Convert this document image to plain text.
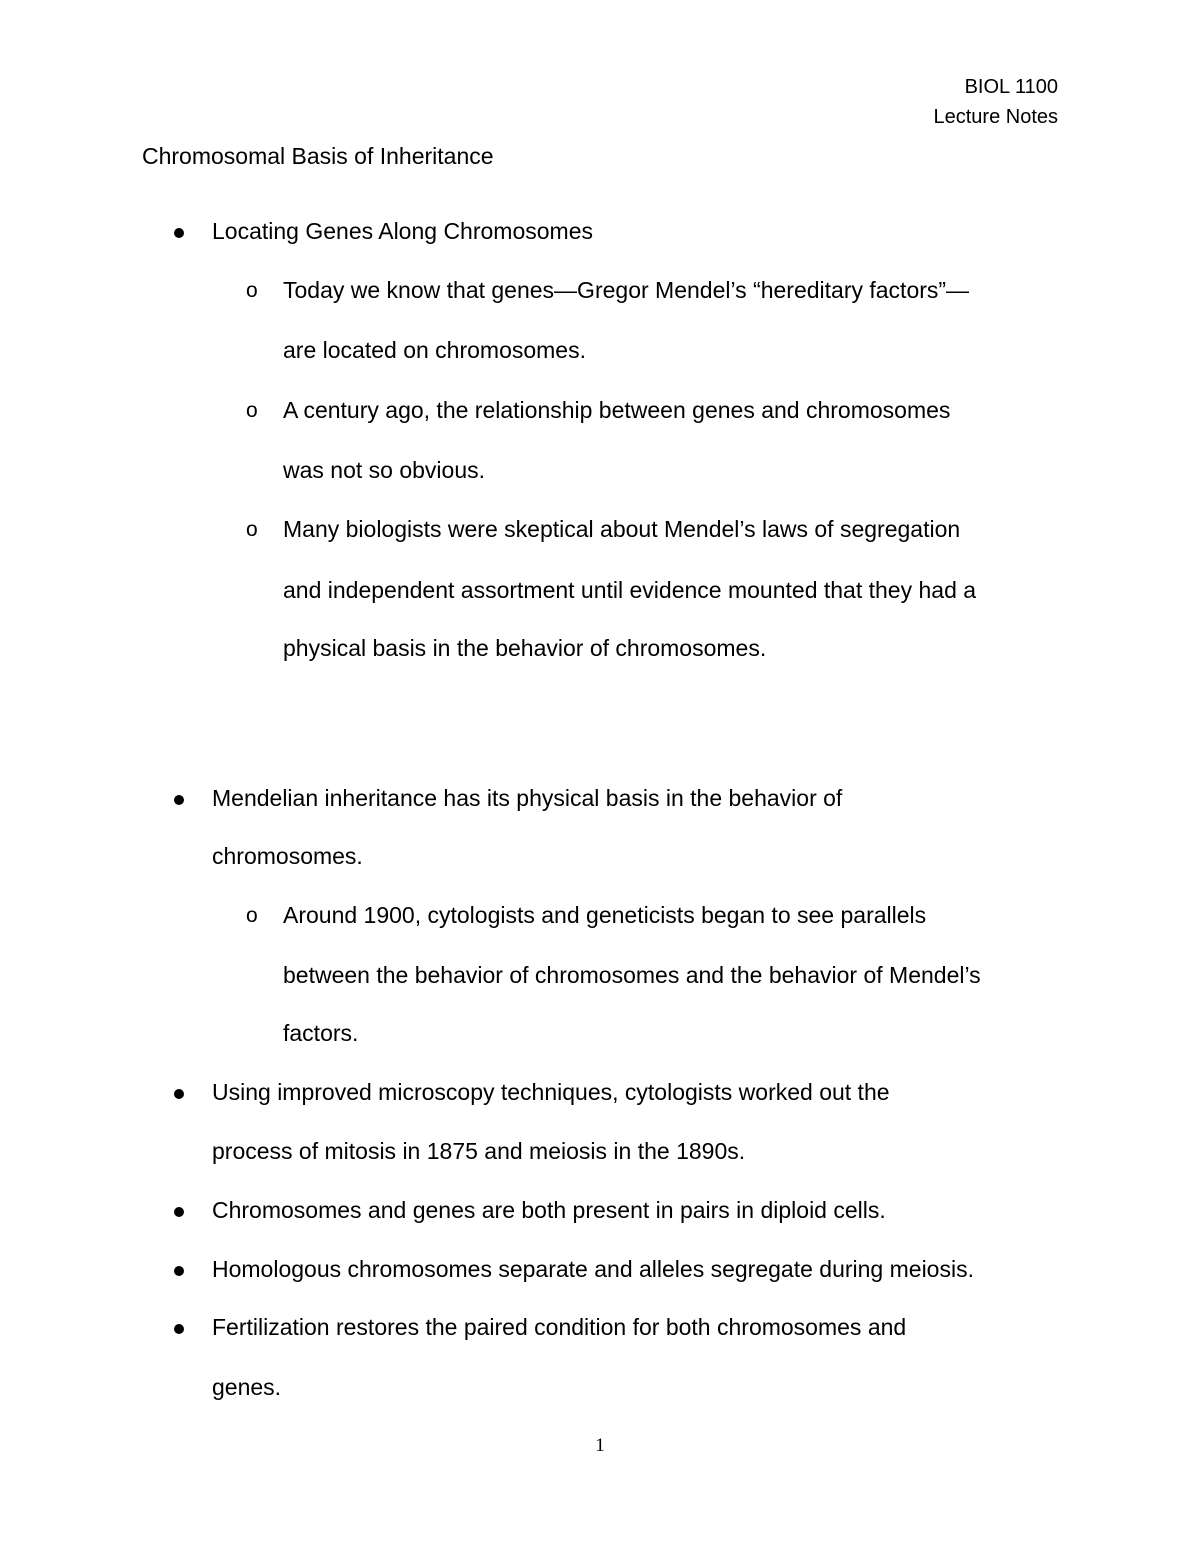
BIOL 1100
Lecture Notes
Chromosomal Basis of Inheritance
Locating Genes Along Chromosomes
o Today we know that genes—Gregor Mendel’s “hereditary factors”—
are located on chromosomes.
o A century ago, the relationship between genes and chromosomes
was not so obvious.
o Many biologists were skeptical about Mendel’s laws of segregation
and independent assortment until evidence mounted that they had a
physical basis in the behavior of chromosomes.
Mendelian inheritance has its physical basis in the behavior of
chromosomes.
o Around 1900, cytologists and geneticists began to see parallels
between the behavior of chromosomes and the behavior of Mendel’s
factors.
Using improved microscopy techniques, cytologists worked out the
process of mitosis in 1875 and meiosis in the 1890s.
Chromosomes and genes are both present in pairs in diploid cells.
Homologous chromosomes separate and alleles segregate during meiosis.
Fertilization restores the paired condition for both chromosomes and
genes.
1
